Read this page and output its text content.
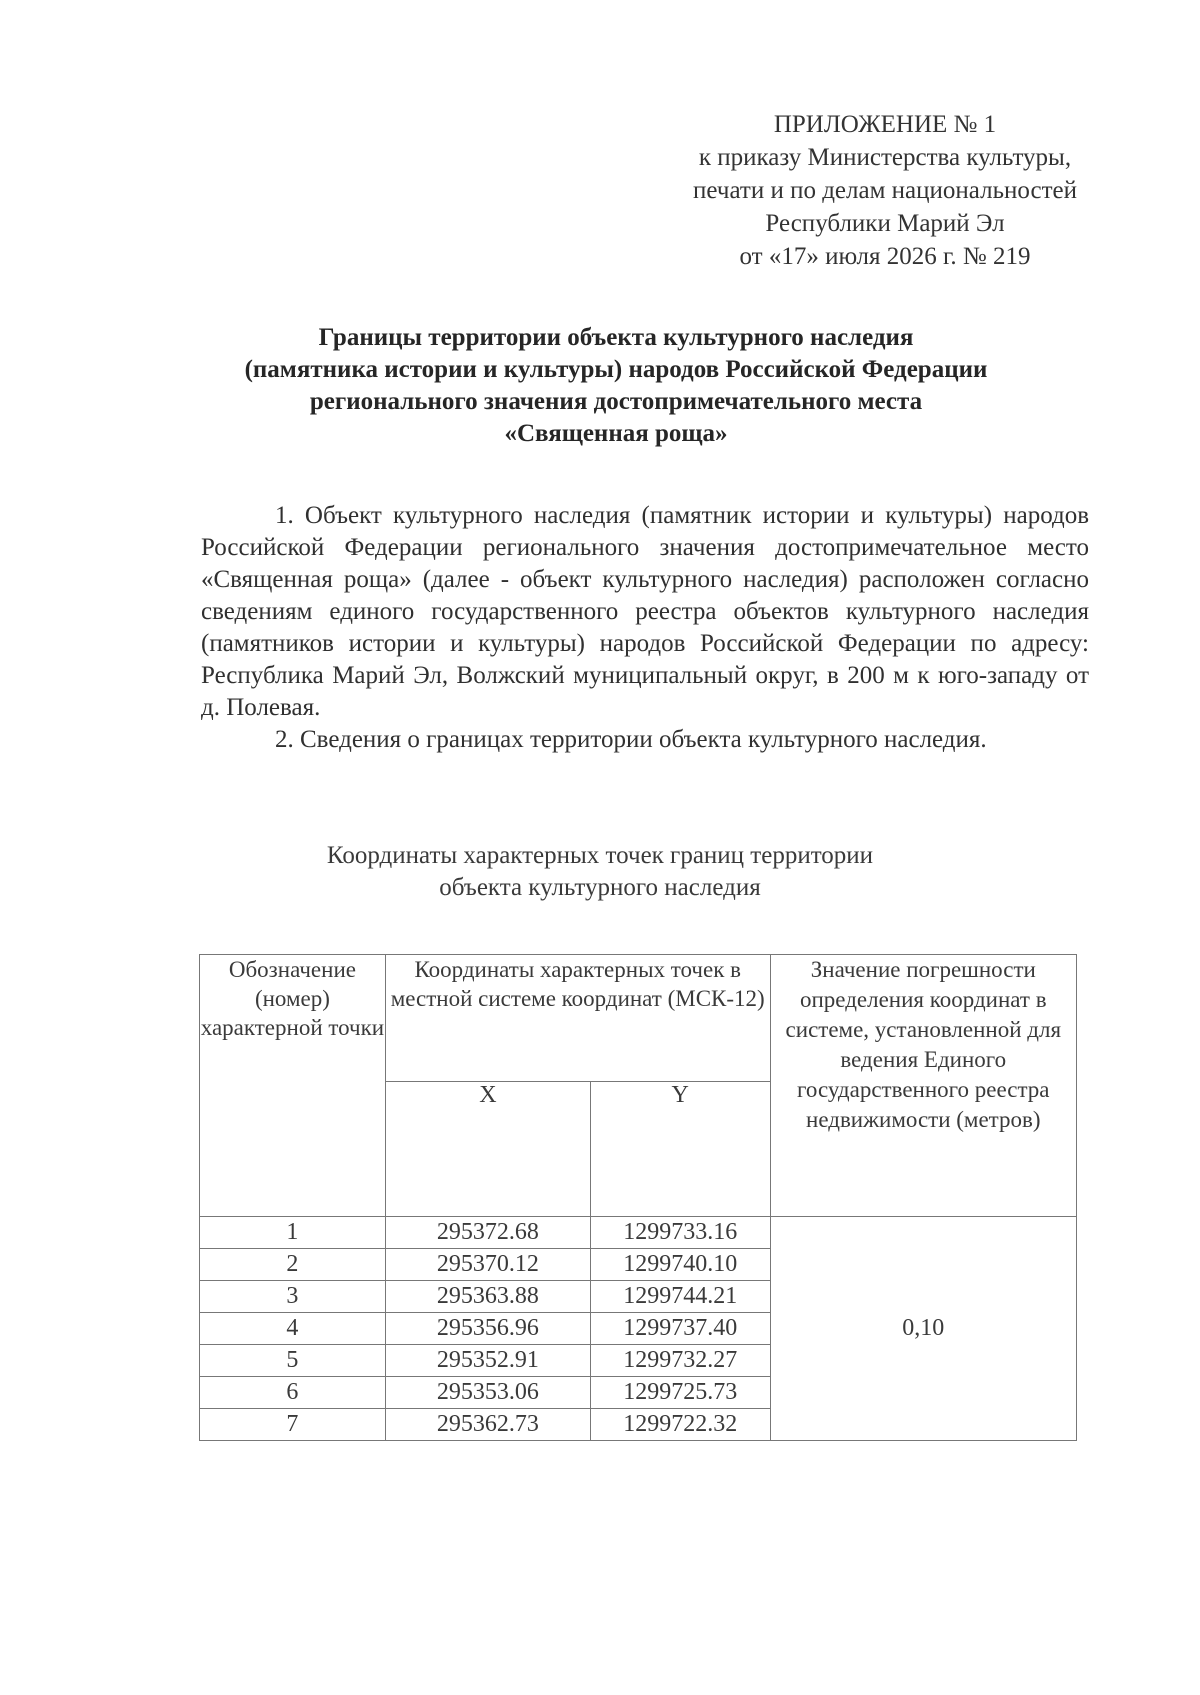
ПРИЛОЖЕНИЕ № 1
к приказу Министерства культуры,
печати и по делам национальностей
Республики Марий Эл
от «17» июля 2026 г. № 219
Границы территории объекта культурного наследия
(памятника истории и культуры) народов Российской Федерации
регионального значения достопримечательного места
«Священная роща»

1. Объект культурного наследия (памятник истории и культуры) народов Российской Федерации регионального значения достопримечательное место «Священная роща» (далее - объект культурного наследия) расположен согласно сведениям единого государственного реестра объектов культурного наследия (памятников истории и культуры) народов Российской Федерации по адресу: Республика Марий Эл, Волжский муниципальный округ, в 200 м к юго-западу от д. Полевая.

2. Сведения о границах территории объекта культурного наследия.

Координаты характерных точек границ территории
объекта культурного наследия
Обозначение (номер) характерной точки	Координаты характерных точек в местной системе координат (МСК-12)		Значение погрешности определения координат в системе, установленной для ведения Единого государственного реестра недвижимости (метров)
	X	Y	
1	295372.68	1299733.16	0,10
2	295370.12	1299740.10	
3	295363.88	1299744.21	
4	295356.96	1299737.40	
5	295352.91	1299732.27	
6	295353.06	1299725.73	
7	295362.73	1299722.32	
